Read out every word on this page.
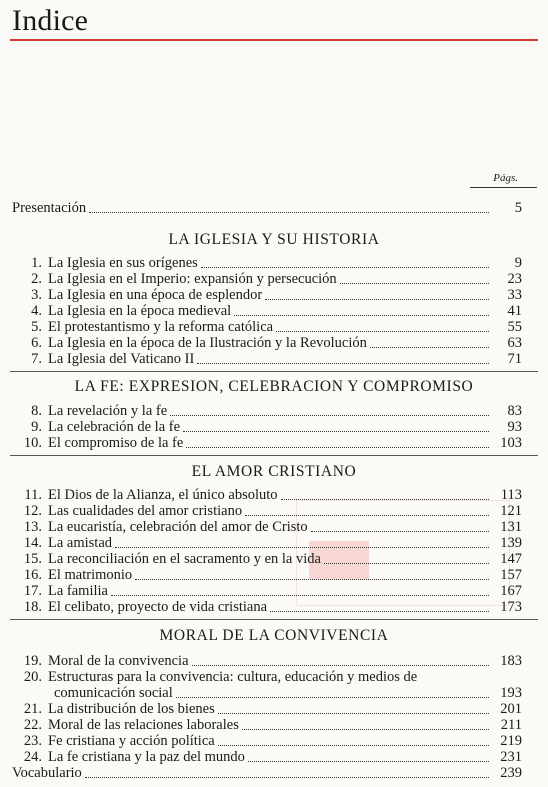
Indice
Págs.
Presentación	5
LA IGLESIA Y SU HISTORIA
1. La Iglesia en sus orígenes	9
2. La Iglesia en el Imperio: expansión y persecución	23
3. La Iglesia en una época de esplendor	33
4. La Iglesia en la época medieval	41
5. El protestantismo y la reforma católica	55
6. La Iglesia en la época de la Ilustración y la Revolución	63
7. La Iglesia del Vaticano II	71
LA FE: EXPRESION, CELEBRACION Y COMPROMISO
8. La revelación y la fe	83
9. La celebración de la fe	93
10. El compromiso de la fe	103
EL AMOR CRISTIANO
11. El Dios de la Alianza, el único absoluto	113
12. Las cualidades del amor cristiano	121
13. La eucaristía, celebración del amor de Cristo	131
14. La amistad	139
15. La reconciliación en el sacramento y en la vida	147
16. El matrimonio	157
17. La familia	167
18. El celibato, proyecto de vida cristiana	173
MORAL DE LA CONVIVENCIA
19. Moral de la convivencia	183
20. Estructuras para la convivencia: cultura, educación y medios de
comunicación social	193
21. La distribución de los bienes	201
22. Moral de las relaciones laborales	211
23. Fe cristiana y acción política	219
24. La fe cristiana y la paz del mundo	231
Vocabulario	239
